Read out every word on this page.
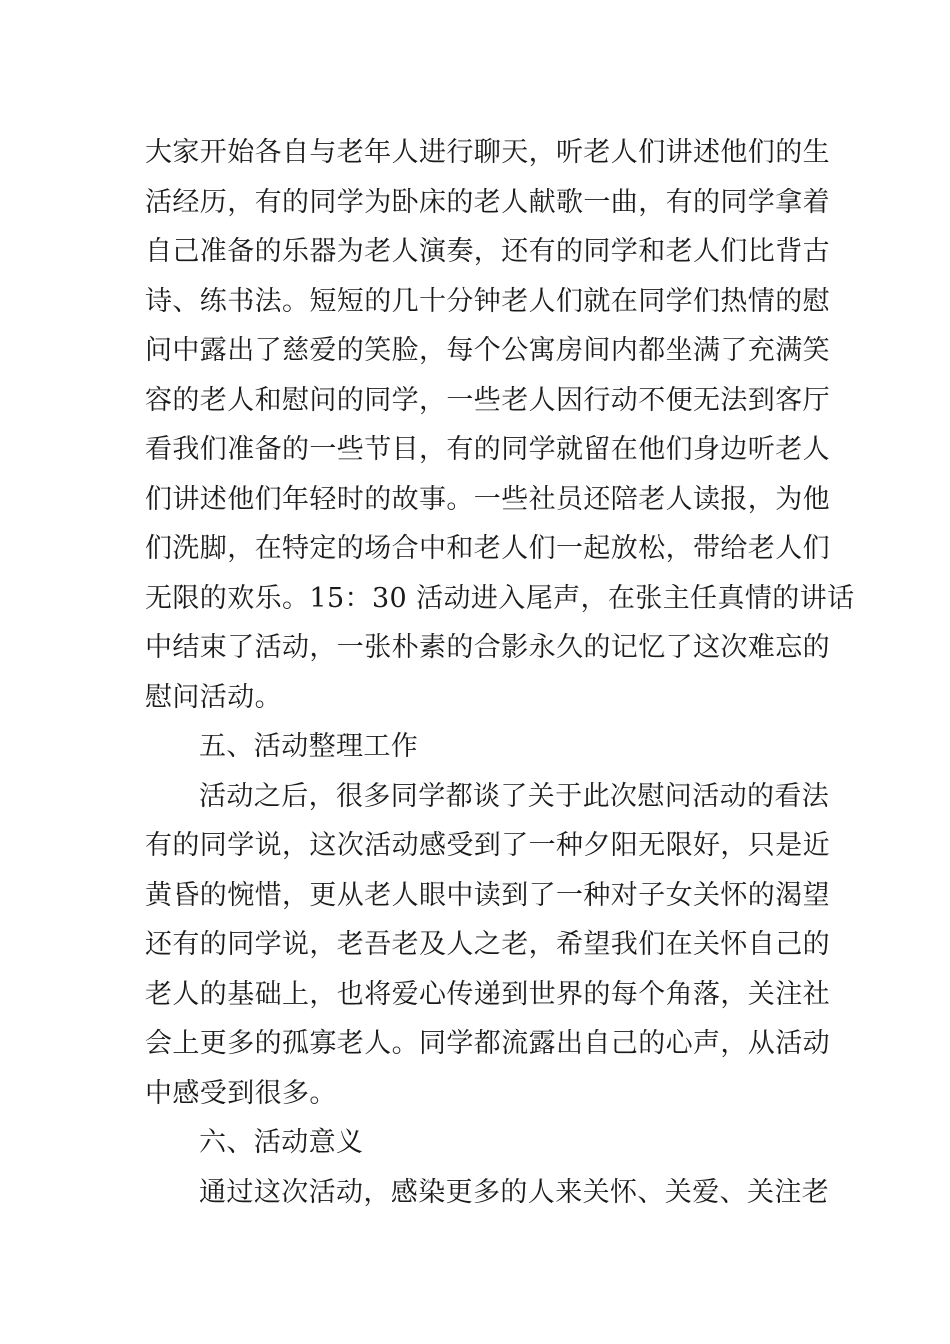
大家开始各自与老年人进行聊天，听老人们讲述他们的生
活经历，有的同学为卧床的老人献歌一曲，有的同学拿着
自己准备的乐器为老人演奏，还有的同学和老人们比背古
诗、练书法。短短的几十分钟老人们就在同学们热情的慰
问中露出了慈爱的笑脸，每个公寓房间内都坐满了充满笑
容的老人和慰问的同学，一些老人因行动不便无法到客厅
看我们准备的一些节目，有的同学就留在他们身边听老人
们讲述他们年轻时的故事。一些社员还陪老人读报，为他
们洗脚，在特定的场合中和老人们一起放松，带给老人们
无限的欢乐。15：30 活动进入尾声，在张主任真情的讲话
中结束了活动，一张朴素的合影永久的记忆了这次难忘的
慰问活动。
五、活动整理工作
活动之后，很多同学都谈了关于此次慰问活动的看法
有的同学说，这次活动感受到了一种夕阳无限好，只是近
黄昏的惋惜，更从老人眼中读到了一种对子女关怀的渴望
还有的同学说，老吾老及人之老，希望我们在关怀自己的
老人的基础上，也将爱心传递到世界的每个角落，关注社
会上更多的孤寡老人。同学都流露出自己的心声，从活动
中感受到很多。
六、活动意义
通过这次活动，感染更多的人来关怀、关爱、关注老
